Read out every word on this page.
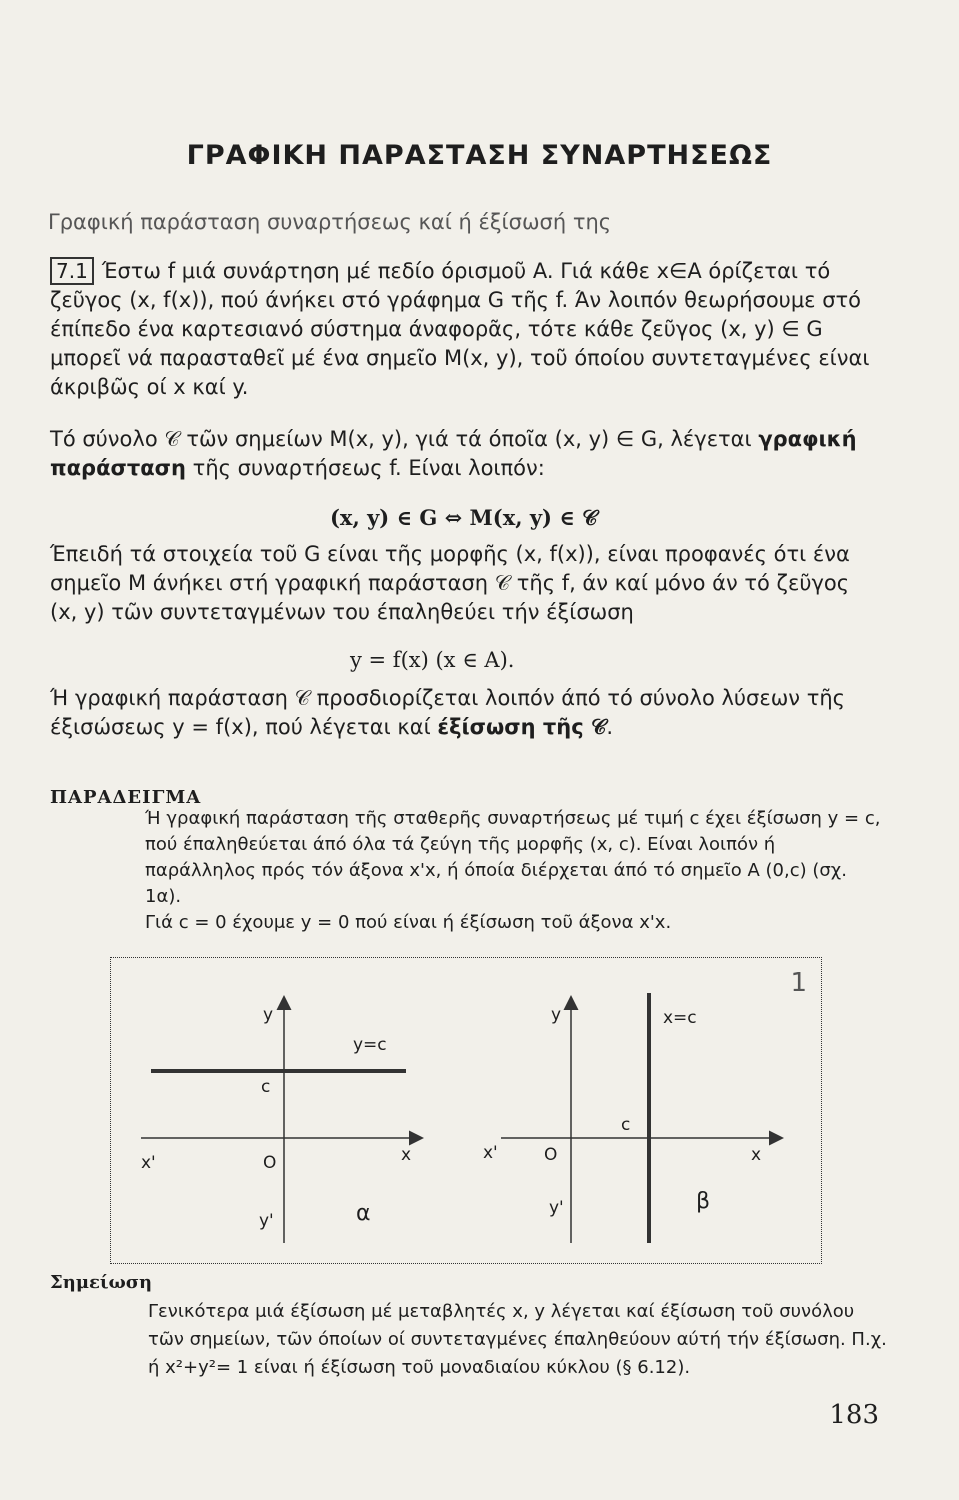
ΓΡΑΦΙΚΗ ΠΑΡΑΣΤΑΣΗ ΣΥΝΑΡΤΗΣΕΩΣ
Γραφική παράσταση συναρτήσεως καί ή έξίσωσή της
7.1 Έστω f μιά συνάρτηση μέ πεδίο όρισμοῦ A. Γιά κάθε x∈A όρίζεται τό ζεῦγος (x, f(x)), πού άνήκει στό γράφημα G τῆς f. Άν λοιπόν θεωρήσουμε στό έπίπεδο ένα καρτεσιανό σύστημα άναφορᾶς, τότε κάθε ζεῦγος (x, y) ∈ G μπορεῖ νά παρασταθεῖ μέ ένα σημεῖο M(x, y), τοῦ όποίου συντεταγμένες είναι άκριβῶς οί x καί y.
Τό σύνολο 𝒞 τῶν σημείων M(x, y), γιά τά όποῖα (x, y) ∈ G, λέγεται γραφική παράσταση τῆς συναρτήσεως f. Είναι λοιπόν:
(x, y) ∈ G ⇔ M(x, y) ∈ 𝒞
Έπειδή τά στοιχεία τοῦ G είναι τῆς μορφῆς (x, f(x)), είναι προφανές ότι ένα σημεῖο M άνήκει στή γραφική παράσταση 𝒞 τῆς f, άν καί μόνο άν τό ζεῦγος (x, y) τῶν συντεταγμένων του έπαληθεύει τήν έξίσωση
y = f(x) (x ∈ A).
Ή γραφική παράσταση 𝒞 προσδιορίζεται λοιπόν άπό τό σύνολο λύσεων τῆς έξισώσεως y = f(x), πού λέγεται καί έξίσωση τῆς 𝒞.
ΠΑΡΑΔΕΙΓΜΑ
Ή γραφική παράσταση τῆς σταθερῆς συναρτήσεως μέ τιμή c έχει έξίσωση y = c, πού έπαληθεύεται άπό όλα τά ζεύγη τῆς μορφῆς (x, c). Είναι λοιπόν ή παράλληλος πρός τόν άξονα x'x, ή όποία διέρχεται άπό τό σημεῖο A (0,c) (σχ. 1α).
Γιά c = 0 έχουμε y = 0 πού είναι ή έξίσωση τοῦ άξονα x'x.
1
y
y'
x
x'	O
c
y=c
α
y
y'
x
x'	O
c
x=c
β
Σημείωση
Γενικότερα μιά έξίσωση μέ μεταβλητές x, y λέγεται καί έξίσωση τοῦ συνόλου τῶν σημείων, τῶν όποίων οί συντεταγμένες έπαληθεύουν αύτή τήν έξίσωση. Π.χ. ή x²+y²= 1 είναι ή έξίσωση τοῦ μοναδιαίου κύκλου (§ 6.12).
183
